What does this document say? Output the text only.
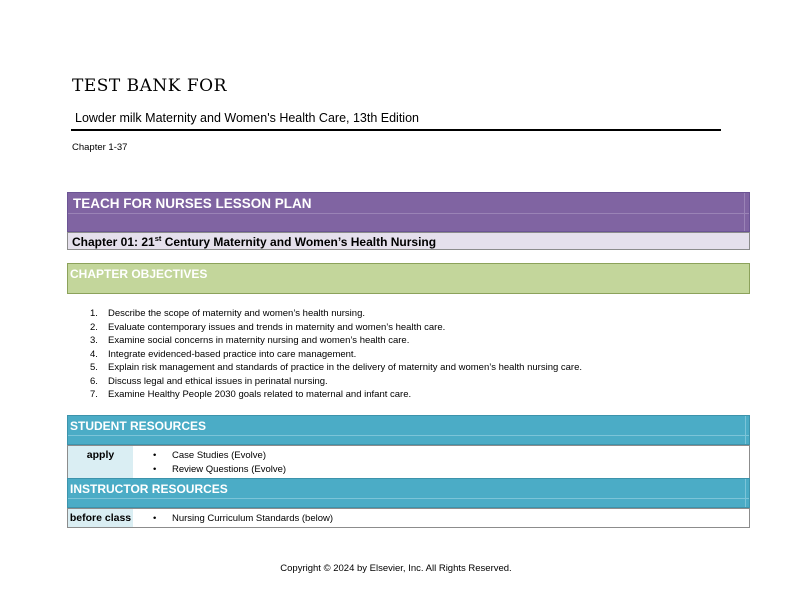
TEST BANK FOR
Lowder milk Maternity and Women's Health Care, 13th Edition
Chapter 1-37
TEACH FOR NURSES LESSON PLAN
Chapter 01: 21st Century Maternity and Women’s Health Nursing
CHAPTER OBJECTIVES
1. Describe the scope of maternity and women’s health nursing.
2. Evaluate contemporary issues and trends in maternity and women’s health care.
3. Examine social concerns in maternity nursing and women’s health care.
4. Integrate evidenced-based practice into care management.
5. Explain risk management and standards of practice in the delivery of maternity and women’s health nursing care.
6. Discuss legal and ethical issues in perinatal nursing.
7. Examine Healthy People 2030 goals related to maternal and infant care.
STUDENT RESOURCES
apply	• Case Studies (Evolve)
• Review Questions (Evolve)
INSTRUCTOR RESOURCES
before class	• Nursing Curriculum Standards (below)
Copyright © 2024 by Elsevier, Inc. All Rights Reserved.
